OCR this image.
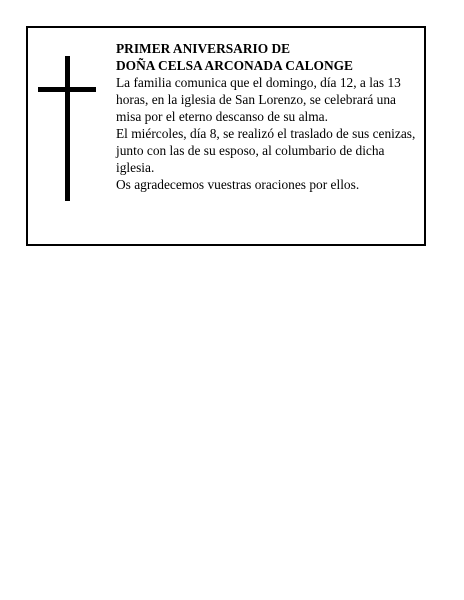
PRIMER ANIVERSARIO DE
DOÑA CELSA ARCONADA CALONGE
La familia comunica que el domingo, día 12, a las 13
horas, en la iglesia de San Lorenzo, se celebrará una
misa por el eterno descanso de su alma.
El miércoles, día 8, se realizó el traslado de sus cenizas,
junto con las de su esposo, al columbario de dicha
iglesia.
Os agradecemos vuestras oraciones por ellos.
